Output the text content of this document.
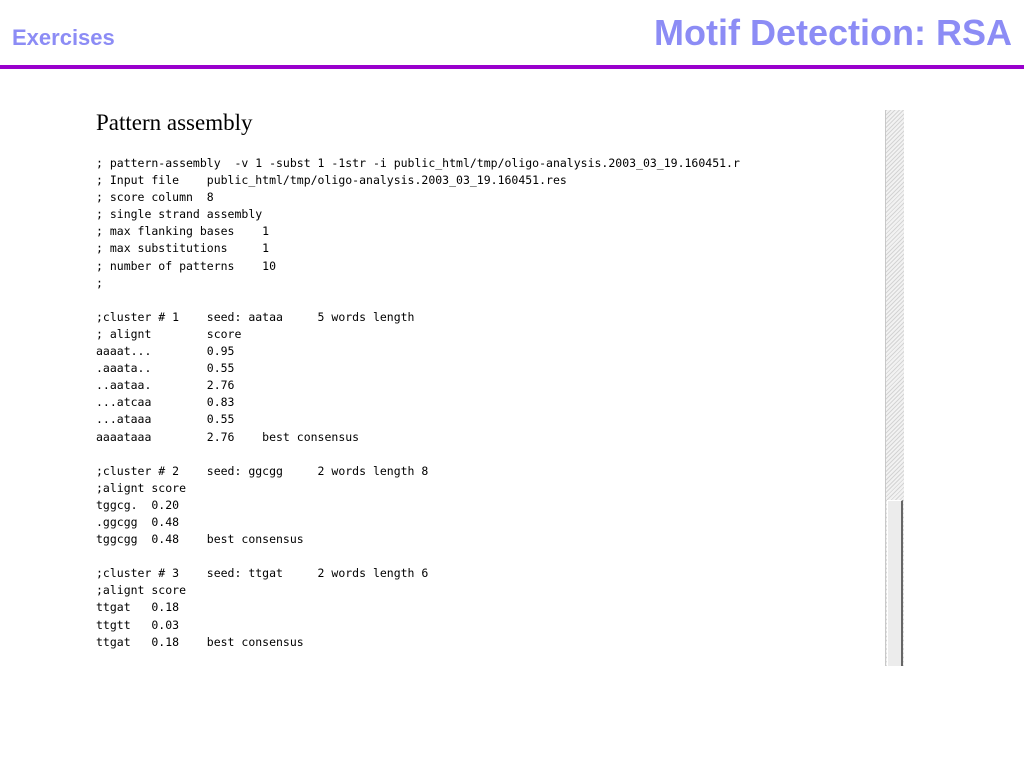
Exercises	Motif Detection: RSA
Pattern assembly
; pattern-assembly  -v 1 -subst 1 -1str -i public_html/tmp/oligo-analysis.2003_03_19.160451.r
; Input file    public_html/tmp/oligo-analysis.2003_03_19.160451.res
; score column  8
; single strand assembly
; max flanking bases    1
; max substitutions     1
; number of patterns    10
;

;cluster # 1    seed: aataa     5 words length
; alignt        score
aaaat...        0.95
.aaata..        0.55
..aataa.        2.76
...atcaa        0.83
...ataaa        0.55
aaaataaa        2.76    best consensus

;cluster # 2    seed: ggcgg     2 words length 8
;alignt score
tggcg.  0.20
.ggcgg  0.48
tggcgg  0.48    best consensus

;cluster # 3    seed: ttgat     2 words length 6
;alignt score
ttgat   0.18
ttgtt   0.03
ttgat   0.18    best consensus
